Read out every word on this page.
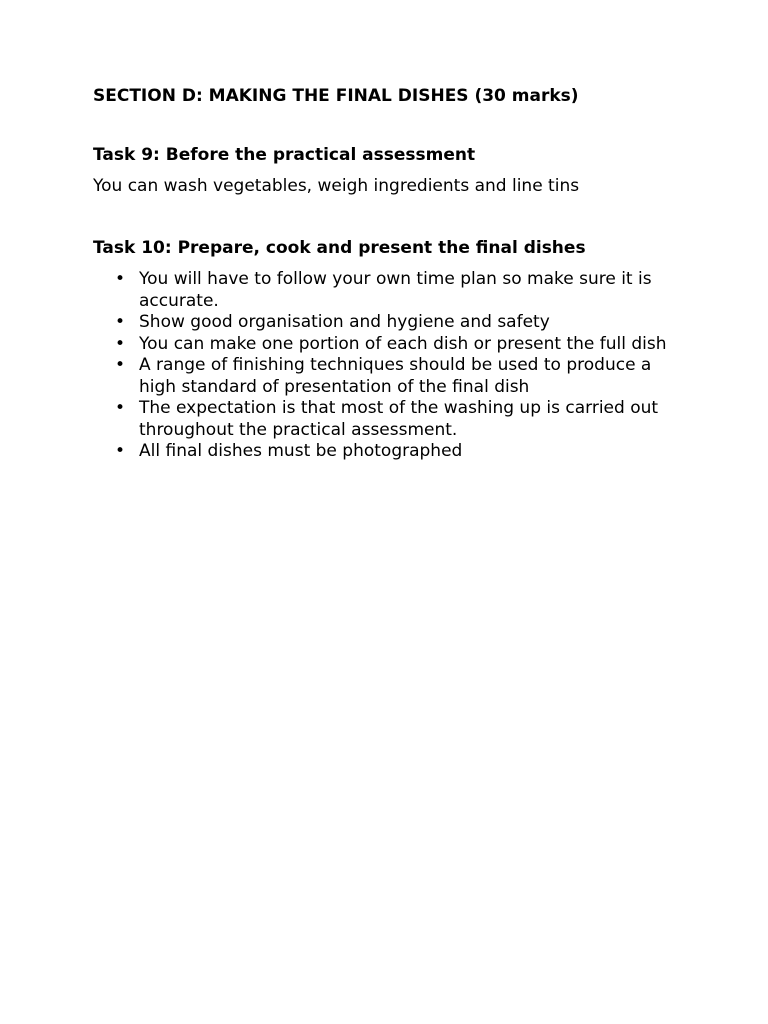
SECTION D: MAKING THE FINAL DISHES (30 marks)
Task 9: Before the practical assessment
You can wash vegetables, weigh ingredients and line tins
Task 10: Prepare, cook and present the final dishes
• You will have to follow your own time plan so make sure it is accurate.
• Show good organisation and hygiene and safety
• You can make one portion of each dish or present the full dish
• A range of finishing techniques should be used to produce a high standard of presentation of the final dish
• The expectation is that most of the washing up is carried out throughout the practical assessment.
• All final dishes must be photographed
